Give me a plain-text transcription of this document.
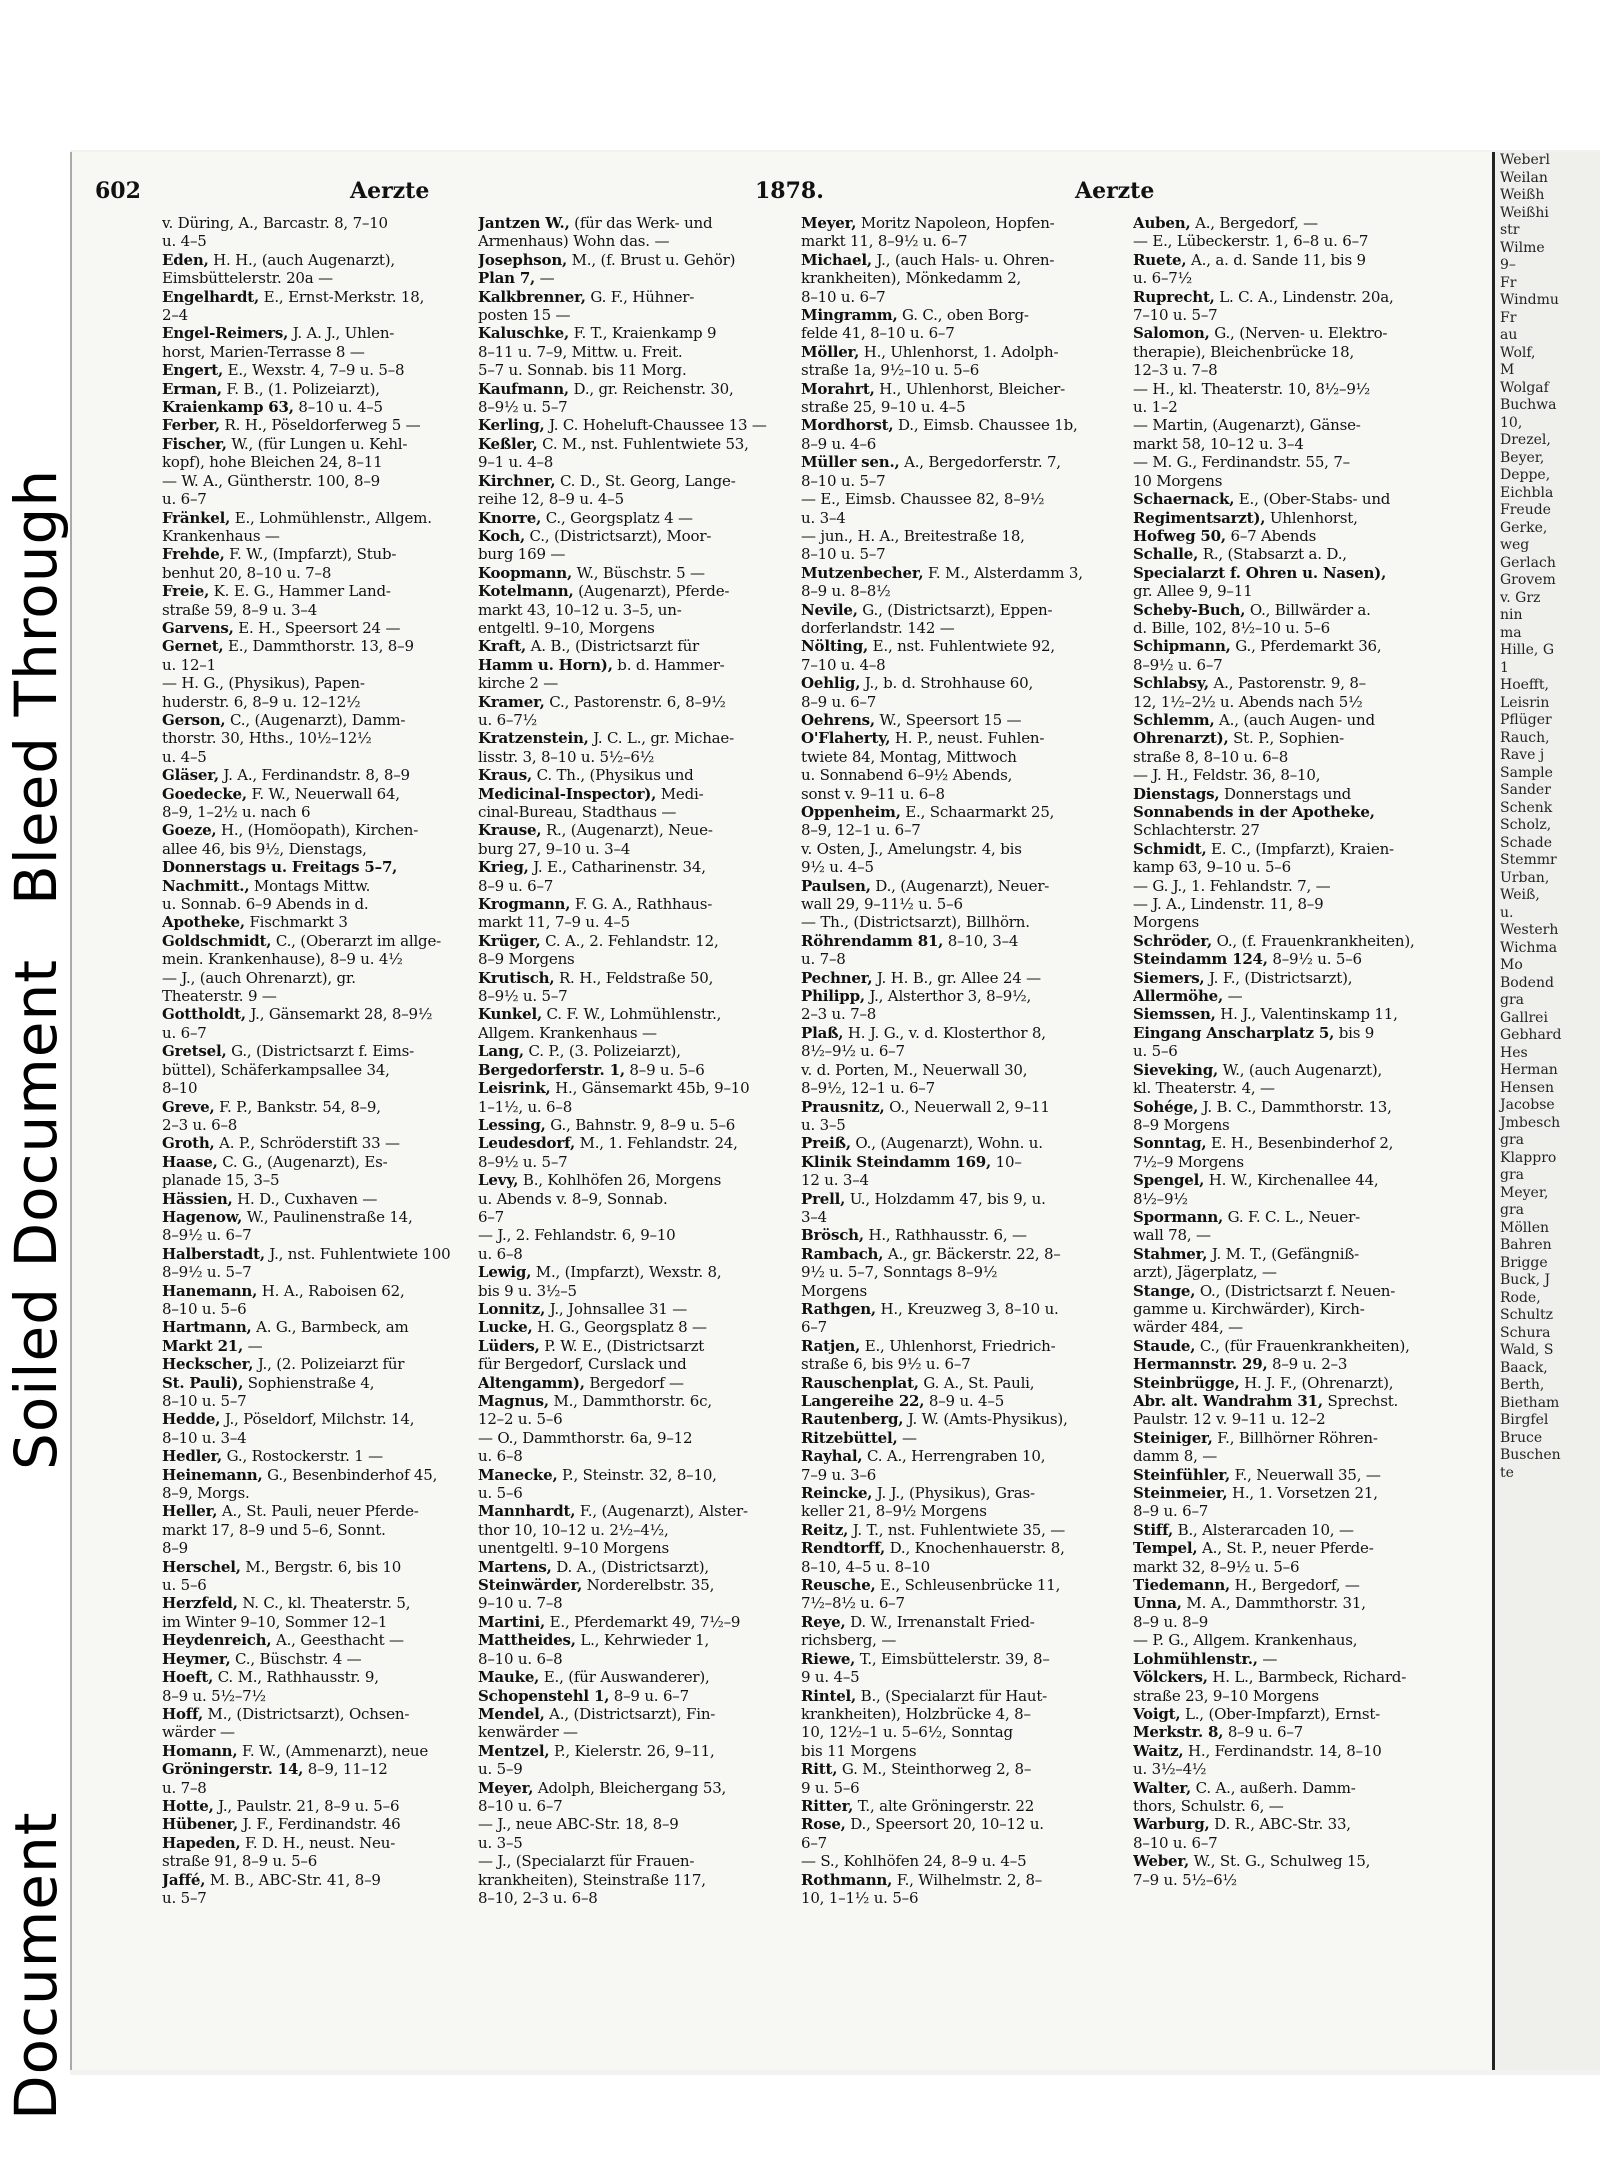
Document
Soiled Document
Bleed Through
Weberl
Weilan
Weißh
Weißhi
str
Wilme
9–
Fr
Windmu
Fr
au
Wolf,
M
Wolgaf
Buchwa
10,
Drezel,
Beyer,
Deppe,
Eichbla
Freude
Gerke,
weg
Gerlach
Grovem
v. Grz
nin
ma
Hille, G
1
Hoefft,
Leisrin
Pflüger
Rauch,
Rave j
Sample
Sander
Schenk
Scholz,
Schade
Stemmr
Urban,
Weiß,
u.
Westerh
Wichma
Mo
Bodend
gra
Gallrei
Gebhard
Hes
Herman
Hensen
Jacobse
Jmbesch
gra
Klappro
gra
Meyer,
gra
Möllen
Bahren
Brigge
Buck, J
Rode,
Schultz
Schura
Wald, S
Baack,
Berth,
Bietham
Birgfel
Bruce
Buschen
te
602	Aerzte	1878.	Aerzte
v. Düring, A., Barcastr. 8, 7–10
u. 4–5
Eden, H. H., (auch Augenarzt),
Eimsbüttelerstr. 20a —
Engelhardt, E., Ernst-Merkstr. 18,
2–4
Engel-Reimers, J. A. J., Uhlen-
horst, Marien-Terrasse 8 —
Engert, E., Wexstr. 4, 7–9 u. 5–8
Erman, F. B., (1. Polizeiarzt),
Kraienkamp 63, 8–10 u. 4–5
Ferber, R. H., Pöseldorferweg 5 —
Fischer, W., (für Lungen u. Kehl-
kopf), hohe Bleichen 24, 8–11
— W. A., Güntherstr. 100, 8–9
u. 6–7
Fränkel, E., Lohmühlenstr., Allgem.
Krankenhaus —
Frehde, F. W., (Impfarzt), Stub-
benhut 20, 8–10 u. 7–8
Freie, K. E. G., Hammer Land-
straße 59, 8–9 u. 3–4
Garvens, E. H., Speersort 24 —
Gernet, E., Dammthorstr. 13, 8–9
u. 12–1
— H. G., (Physikus), Papen-
huderstr. 6, 8–9 u. 12–12½
Gerson, C., (Augenarzt), Damm-
thorstr. 30, Hths., 10½–12½
u. 4–5
Gläser, J. A., Ferdinandstr. 8, 8–9
Goedecke, F. W., Neuerwall 64,
8–9, 1–2½ u. nach 6
Goeze, H., (Homöopath), Kirchen-
allee 46, bis 9½, Dienstags,
Donnerstags u. Freitags 5–7,
Nachmitt., Montags Mittw.
u. Sonnab. 6–9 Abends in d.
Apotheke, Fischmarkt 3
Goldschmidt, C., (Oberarzt im allge-
mein. Krankenhause), 8–9 u. 4½
— J., (auch Ohrenarzt), gr.
Theaterstr. 9 —
Gottholdt, J., Gänsemarkt 28, 8–9½
u. 6–7
Gretsel, G., (Districtsarzt f. Eims-
büttel), Schäferkampsallee 34,
8–10
Greve, F. P., Bankstr. 54, 8–9,
2–3 u. 6–8
Groth, A. P., Schröderstift 33 —
Haase, C. G., (Augenarzt), Es-
planade 15, 3–5
Hässien, H. D., Cuxhaven —
Hagenow, W., Paulinenstraße 14,
8–9½ u. 6–7
Halberstadt, J., nst. Fuhlentwiete 100
8–9½ u. 5–7
Hanemann, H. A., Raboisen 62,
8–10 u. 5–6
Hartmann, A. G., Barmbeck, am
Markt 21, —
Heckscher, J., (2. Polizeiarzt für
St. Pauli), Sophienstraße 4,
8–10 u. 5–7
Hedde, J., Pöseldorf, Milchstr. 14,
8–10 u. 3–4
Hedler, G., Rostockerstr. 1 —
Heinemann, G., Besenbinderhof 45,
8–9, Morgs.
Heller, A., St. Pauli, neuer Pferde-
markt 17, 8–9 und 5–6, Sonnt.
8–9
Herschel, M., Bergstr. 6, bis 10
u. 5–6
Herzfeld, N. C., kl. Theaterstr. 5,
im Winter 9–10, Sommer 12–1
Heydenreich, A., Geesthacht —
Heymer, C., Büschstr. 4 —
Hoeft, C. M., Rathhausstr. 9,
8–9 u. 5½–7½
Hoff, M., (Districtsarzt), Ochsen-
wärder —
Homann, F. W., (Ammenarzt), neue
Gröningerstr. 14, 8–9, 11–12
u. 7–8
Hotte, J., Paulstr. 21, 8–9 u. 5–6
Hübener, J. F., Ferdinandstr. 46
Hapeden, F. D. H., neust. Neu-
straße 91, 8–9 u. 5–6
Jaffé, M. B., ABC-Str. 41, 8–9
u. 5–7
Jantzen W., (für das Werk- und
Armenhaus) Wohn das. —
Josephson, M., (f. Brust u. Gehör)
Plan 7, —
Kalkbrenner, G. F., Hühner-
posten 15 —
Kaluschke, F. T., Kraienkamp 9
8–11 u. 7–9, Mittw. u. Freit.
5–7 u. Sonnab. bis 11 Morg.
Kaufmann, D., gr. Reichenstr. 30,
8–9½ u. 5–7
Kerling, J. C. Hoheluft-Chaussee 13 —
Keßler, C. M., nst. Fuhlentwiete 53,
9–1 u. 4–8
Kirchner, C. D., St. Georg, Lange-
reihe 12, 8–9 u. 4–5
Knorre, C., Georgsplatz 4 —
Koch, C., (Districtsarzt), Moor-
burg 169 —
Koopmann, W., Büschstr. 5 —
Kotelmann, (Augenarzt), Pferde-
markt 43, 10–12 u. 3–5, un-
entgeltl. 9–10, Morgens
Kraft, A. B., (Districtsarzt für
Hamm u. Horn), b. d. Hammer-
kirche 2 —
Kramer, C., Pastorenstr. 6, 8–9½
u. 6–7½
Kratzenstein, J. C. L., gr. Michae-
lisstr. 3, 8–10 u. 5½–6½
Kraus, C. Th., (Physikus und
Medicinal-Inspector), Medi-
cinal-Bureau, Stadthaus —
Krause, R., (Augenarzt), Neue-
burg 27, 9–10 u. 3–4
Krieg, J. E., Catharinenstr. 34,
8–9 u. 6–7
Krogmann, F. G. A., Rathhaus-
markt 11, 7–9 u. 4–5
Krüger, C. A., 2. Fehlandstr. 12,
8–9 Morgens
Krutisch, R. H., Feldstraße 50,
8–9½ u. 5–7
Kunkel, C. F. W., Lohmühlenstr.,
Allgem. Krankenhaus —
Lang, C. P., (3. Polizeiarzt),
Bergedorferstr. 1, 8–9 u. 5–6
Leisrink, H., Gänsemarkt 45b, 9–10
1–1½, u. 6–8
Lessing, G., Bahnstr. 9, 8–9 u. 5–6
Leudesdorf, M., 1. Fehlandstr. 24,
8–9½ u. 5–7
Levy, B., Kohlhöfen 26, Morgens
u. Abends v. 8–9, Sonnab.
6–7
— J., 2. Fehlandstr. 6, 9–10
u. 6–8
Lewig, M., (Impfarzt), Wexstr. 8,
bis 9 u. 3½–5
Lonnitz, J., Johnsallee 31 —
Lucke, H. G., Georgsplatz 8 —
Lüders, P. W. E., (Districtsarzt
für Bergedorf, Curslack und
Altengamm), Bergedorf —
Magnus, M., Dammthorstr. 6c,
12–2 u. 5–6
— O., Dammthorstr. 6a, 9–12
u. 6–8
Manecke, P., Steinstr. 32, 8–10,
u. 5–6
Mannhardt, F., (Augenarzt), Alster-
thor 10, 10–12 u. 2½–4½,
unentgeltl. 9–10 Morgens
Martens, D. A., (Districtsarzt),
Steinwärder, Norderelbstr. 35,
9–10 u. 7–8
Martini, E., Pferdemarkt 49, 7½–9
Mattheides, L., Kehrwieder 1,
8–10 u. 6–8
Mauke, E., (für Auswanderer),
Schopenstehl 1, 8–9 u. 6–7
Mendel, A., (Districtsarzt), Fin-
kenwärder —
Mentzel, P., Kielerstr. 26, 9–11,
u. 5–9
Meyer, Adolph, Bleichergang 53,
8–10 u. 6–7
— J., neue ABC-Str. 18, 8–9
u. 3–5
— J., (Specialarzt für Frauen-
krankheiten), Steinstraße 117,
8–10, 2–3 u. 6–8
Meyer, Moritz Napoleon, Hopfen-
markt 11, 8–9½ u. 6–7
Michael, J., (auch Hals- u. Ohren-
krankheiten), Mönkedamm 2,
8–10 u. 6–7
Mingramm, G. C., oben Borg-
felde 41, 8–10 u. 6–7
Möller, H., Uhlenhorst, 1. Adolph-
straße 1a, 9½–10 u. 5–6
Morahrt, H., Uhlenhorst, Bleicher-
straße 25, 9–10 u. 4–5
Mordhorst, D., Eimsb. Chaussee 1b,
8–9 u. 4–6
Müller sen., A., Bergedorferstr. 7,
8–10 u. 5–7
— E., Eimsb. Chaussee 82, 8–9½
u. 3–4
— jun., H. A., Breitestraße 18,
8–10 u. 5–7
Mutzenbecher, F. M., Alsterdamm 3,
8–9 u. 8–8½
Nevile, G., (Districtsarzt), Eppen-
dorferlandstr. 142 —
Nölting, E., nst. Fuhlentwiete 92,
7–10 u. 4–8
Oehlig, J., b. d. Strohhause 60,
8–9 u. 6–7
Oehrens, W., Speersort 15 —
O'Flaherty, H. P., neust. Fuhlen-
twiete 84, Montag, Mittwoch
u. Sonnabend 6–9½ Abends,
sonst v. 9–11 u. 6–8
Oppenheim, E., Schaarmarkt 25,
8–9, 12–1 u. 6–7
v. Osten, J., Amelungstr. 4, bis
9½ u. 4–5
Paulsen, D., (Augenarzt), Neuer-
wall 29, 9–11½ u. 5–6
— Th., (Districtsarzt), Billhörn.
Röhrendamm 81, 8–10, 3–4
u. 7–8
Pechner, J. H. B., gr. Allee 24 —
Philipp, J., Alsterthor 3, 8–9½,
2–3 u. 7–8
Plaß, H. J. G., v. d. Klosterthor 8,
8½–9½ u. 6–7
v. d. Porten, M., Neuerwall 30,
8–9½, 12–1 u. 6–7
Prausnitz, O., Neuerwall 2, 9–11
u. 3–5
Preiß, O., (Augenarzt), Wohn. u.
Klinik Steindamm 169, 10–
12 u. 3–4
Prell, U., Holzdamm 47, bis 9, u.
3–4
Brösch, H., Rathhausstr. 6, —
Rambach, A., gr. Bäckerstr. 22, 8–
9½ u. 5–7, Sonntags 8–9½
Morgens
Rathgen, H., Kreuzweg 3, 8–10 u.
6–7
Ratjen, E., Uhlenhorst, Friedrich-
straße 6, bis 9½ u. 6–7
Rauschenplat, G. A., St. Pauli,
Langereihe 22, 8–9 u. 4–5
Rautenberg, J. W. (Amts-Physikus),
Ritzebüttel, —
Rayhal, C. A., Herrengraben 10,
7–9 u. 3–6
Reincke, J. J., (Physikus), Gras-
keller 21, 8–9½ Morgens
Reitz, J. T., nst. Fuhlentwiete 35, —
Rendtorff, D., Knochenhauerstr. 8,
8–10, 4–5 u. 8–10
Reusche, E., Schleusenbrücke 11,
7½–8½ u. 6–7
Reye, D. W., Irrenanstalt Fried-
richsberg, —
Riewe, T., Eimsbüttelerstr. 39, 8–
9 u. 4–5
Rintel, B., (Specialarzt für Haut-
krankheiten), Holzbrücke 4, 8–
10, 12½–1 u. 5–6½, Sonntag
bis 11 Morgens
Ritt, G. M., Steinthorweg 2, 8–
9 u. 5–6
Ritter, T., alte Gröningerstr. 22
Rose, D., Speersort 20, 10–12 u.
6–7
— S., Kohlhöfen 24, 8–9 u. 4–5
Rothmann, F., Wilhelmstr. 2, 8–
10, 1–1½ u. 5–6
Auben, A., Bergedorf, —
— E., Lübeckerstr. 1, 6–8 u. 6–7
Ruete, A., a. d. Sande 11, bis 9
u. 6–7½
Ruprecht, L. C. A., Lindenstr. 20a,
7–10 u. 5–7
Salomon, G., (Nerven- u. Elektro-
therapie), Bleichenbrücke 18,
12–3 u. 7–8
— H., kl. Theaterstr. 10, 8½–9½
u. 1–2
— Martin, (Augenarzt), Gänse-
markt 58, 10–12 u. 3–4
— M. G., Ferdinandstr. 55, 7–
10 Morgens
Schaernack, E., (Ober-Stabs- und
Regimentsarzt), Uhlenhorst,
Hofweg 50, 6–7 Abends
Schalle, R., (Stabsarzt a. D.,
Specialarzt f. Ohren u. Nasen),
gr. Allee 9, 9–11
Scheby-Buch, O., Billwärder a.
d. Bille, 102, 8½–10 u. 5–6
Schipmann, G., Pferdemarkt 36,
8–9½ u. 6–7
Schlabsy, A., Pastorenstr. 9, 8–
12, 1½–2½ u. Abends nach 5½
Schlemm, A., (auch Augen- und
Ohrenarzt), St. P., Sophien-
straße 8, 8–10 u. 6–8
— J. H., Feldstr. 36, 8–10,
Dienstags, Donnerstags und
Sonnabends in der Apotheke,
Schlachterstr. 27
Schmidt, E. C., (Impfarzt), Kraien-
kamp 63, 9–10 u. 5–6
— G. J., 1. Fehlandstr. 7, —
— J. A., Lindenstr. 11, 8–9
Morgens
Schröder, O., (f. Frauenkrankheiten),
Steindamm 124, 8–9½ u. 5–6
Siemers, J. F., (Districtsarzt),
Allermöhe, —
Siemssen, H. J., Valentinskamp 11,
Eingang Anscharplatz 5, bis 9
u. 5–6
Sieveking, W., (auch Augenarzt),
kl. Theaterstr. 4, —
Sohége, J. B. C., Dammthorstr. 13,
8–9 Morgens
Sonntag, E. H., Besenbinderhof 2,
7½–9 Morgens
Spengel, H. W., Kirchenallee 44,
8½–9½
Spormann, G. F. C. L., Neuer-
wall 78, —
Stahmer, J. M. T., (Gefängniß-
arzt), Jägerplatz, —
Stange, O., (Districtsarzt f. Neuen-
gamme u. Kirchwärder), Kirch-
wärder 484, —
Staude, C., (für Frauenkrankheiten),
Hermannstr. 29, 8–9 u. 2–3
Steinbrügge, H. J. F., (Ohrenarzt),
Abr. alt. Wandrahm 31, Sprechst.
Paulstr. 12 v. 9–11 u. 12–2
Steiniger, F., Billhörner Röhren-
damm 8, —
Steinfühler, F., Neuerwall 35, —
Steinmeier, H., 1. Vorsetzen 21,
8–9 u. 6–7
Stiff, B., Alsterarcaden 10, —
Tempel, A., St. P., neuer Pferde-
markt 32, 8–9½ u. 5–6
Tiedemann, H., Bergedorf, —
Unna, M. A., Dammthorstr. 31,
8–9 u. 8–9
— P. G., Allgem. Krankenhaus,
Lohmühlenstr., —
Völckers, H. L., Barmbeck, Richard-
straße 23, 9–10 Morgens
Voigt, L., (Ober-Impfarzt), Ernst-
Merkstr. 8, 8–9 u. 6–7
Waitz, H., Ferdinandstr. 14, 8–10
u. 3½–4½
Walter, C. A., außerh. Damm-
thors, Schulstr. 6, —
Warburg, D. R., ABC-Str. 33,
8–10 u. 6–7
Weber, W., St. G., Schulweg 15,
7–9 u. 5½–6½
